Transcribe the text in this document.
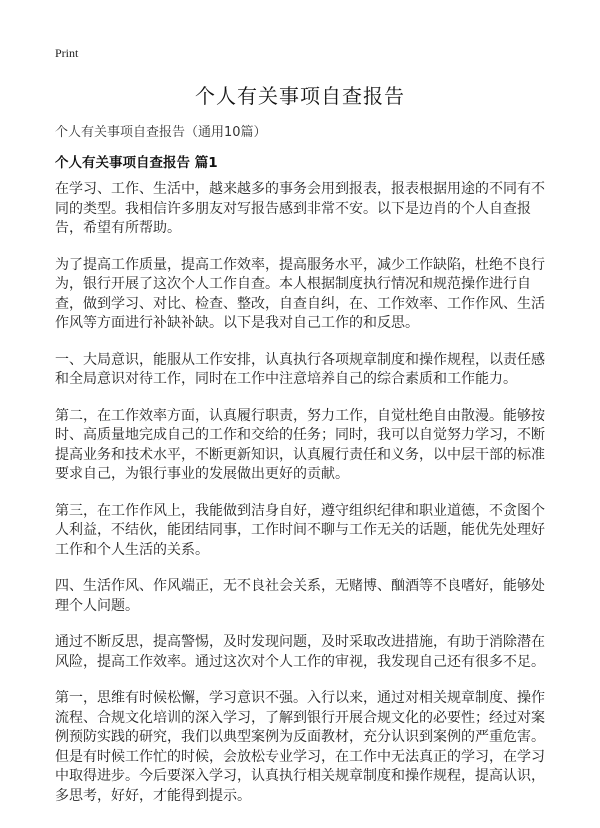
Print
个人有关事项自查报告
个人有关事项自查报告（通用10篇）
个人有关事项自查报告 篇1

在学习、工作、生活中，越来越多的事务会用到报表，报表根据用途的不同有不同的类型。我相信许多朋友对写报告感到非常不安。以下是边肖的个人自查报告，希望有所帮助。

为了提高工作质量，提高工作效率，提高服务水平，减少工作缺陷，杜绝不良行为，银行开展了这次个人工作自查。本人根据制度执行情况和规范操作进行自查，做到学习、对比、检查、整改，自查自纠，在、工作效率、工作作风、生活作风等方面进行补缺补缺。以下是我对自己工作的和反思。

一、大局意识，能服从工作安排，认真执行各项规章制度和操作规程，以责任感和全局意识对待工作，同时在工作中注意培养自己的综合素质和工作能力。

第二，在工作效率方面，认真履行职责，努力工作，自觉杜绝自由散漫。能够按时、高质量地完成自己的工作和交给的任务；同时，我可以自觉努力学习，不断提高业务和技术水平，不断更新知识，认真履行责任和义务，以中层干部的标准要求自己，为银行事业的发展做出更好的贡献。

第三，在工作作风上，我能做到洁身自好，遵守组织纪律和职业道德，不贪图个人利益，不结伙，能团结同事，工作时间不聊与工作无关的话题，能优先处理好工作和个人生活的关系。

四、生活作风、作风端正，无不良社会关系，无赌博、酗酒等不良嗜好，能够处理个人问题。

通过不断反思，提高警惕，及时发现问题，及时采取改进措施，有助于消除潜在风险，提高工作效率。通过这次对个人工作的审视，我发现自己还有很多不足。

第一，思维有时候松懈，学习意识不强。入行以来，通过对相关规章制度、操作流程、合规文化培训的深入学习，了解到银行开展合规文化的必要性；经过对案例预防实践的研究，我们以典型案例为反面教材，充分认识到案例的严重危害。但是有时候工作忙的时候，会放松专业学习，在工作中无法真正的学习，在学习中取得进步。今后要深入学习，认真执行相关规章制度和操作规程，提高认识，多思考，好好，才能得到提示。
